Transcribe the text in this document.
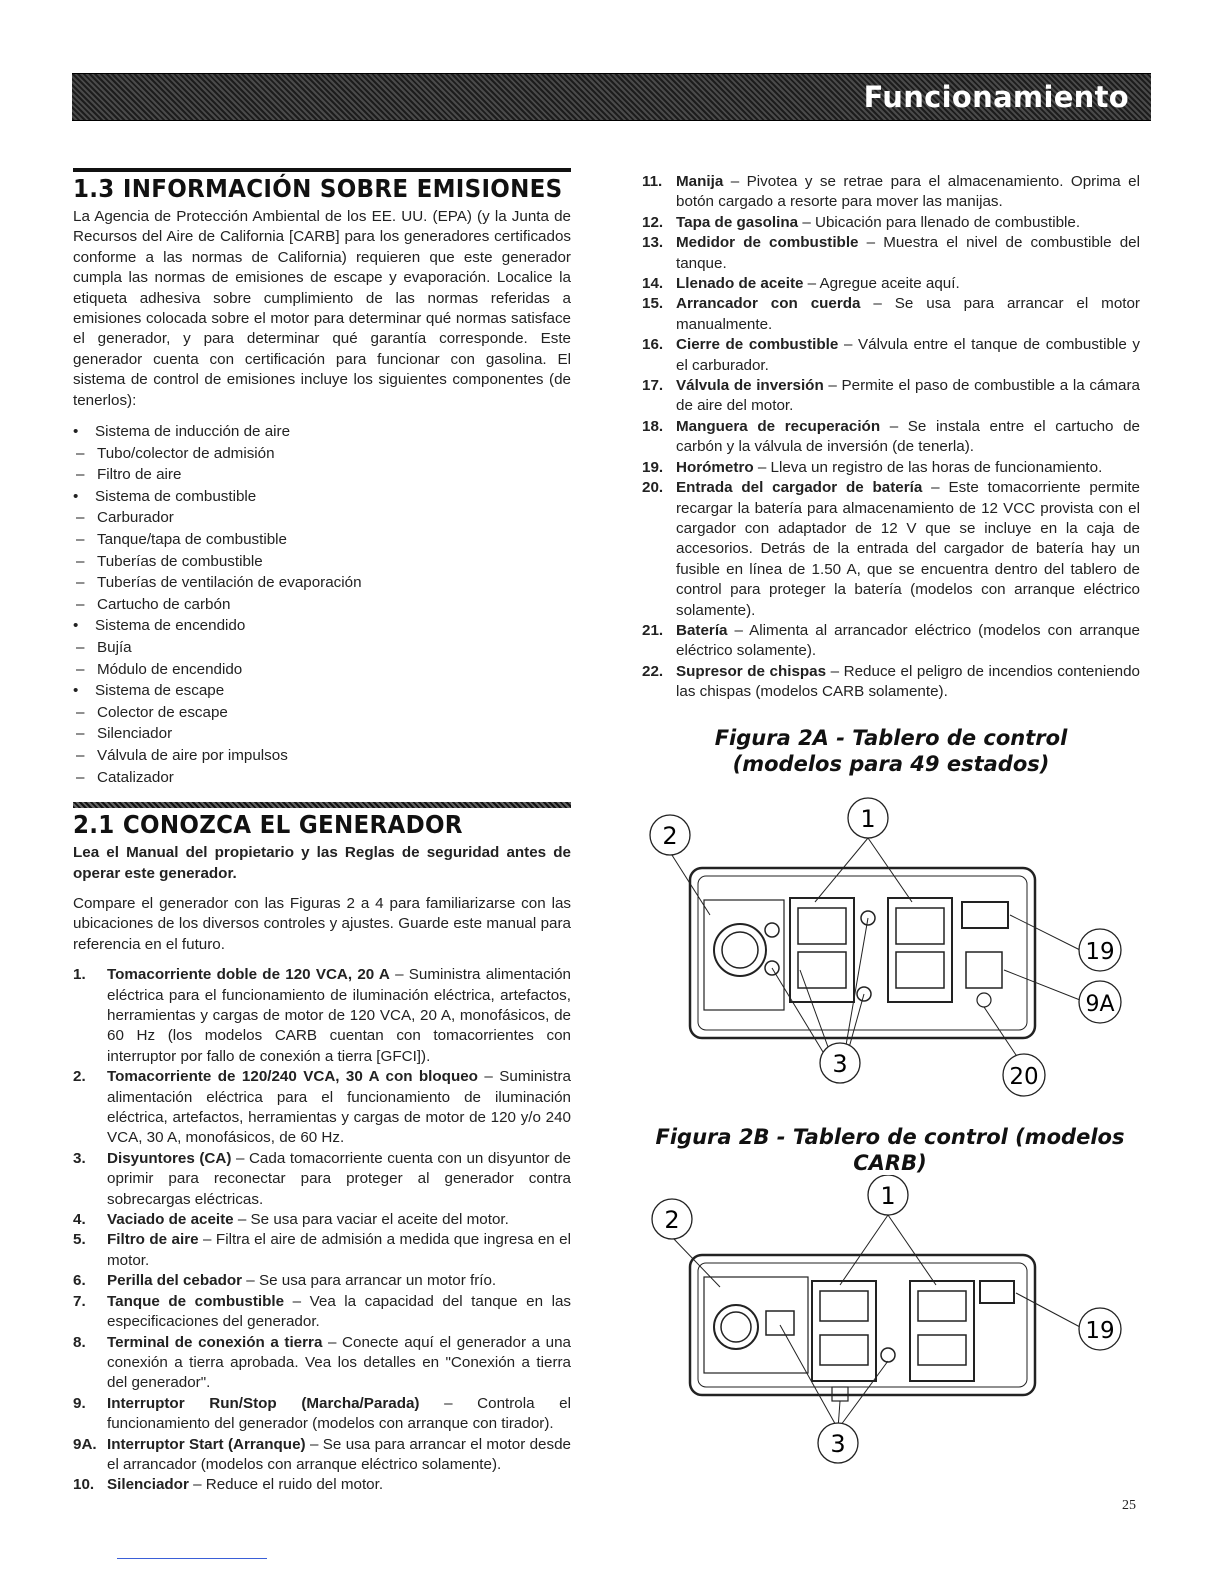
Funcionamiento
1.3 INFORMACIÓN SOBRE EMISIONES

La Agencia de Protección Ambiental de los EE. UU. (EPA) (y la Junta de Recursos del Aire de California [CARB] para los generadores certificados conforme a las normas de California) requieren que este generador cumpla las normas de emisiones de escape y evaporación. Localice la etiqueta adhesiva sobre cumplimiento de las normas referidas a emisiones colocada sobre el motor para determinar qué normas satisface el generador, y para determinar qué garantía corresponde. Este generador cuenta con certificación para funcionar con gasolina. El sistema de control de emisiones incluye los siguientes componentes (de tenerlos):

• Sistema de inducción de aire
– Tubo/colector de admisión
– Filtro de aire
• Sistema de combustible
– Carburador
– Tanque/tapa de combustible
– Tuberías de combustible
– Tuberías de ventilación de evaporación
– Cartucho de carbón
• Sistema de encendido
– Bujía
– Módulo de encendido
• Sistema de escape
– Colector de escape
– Silenciador
– Válvula de aire por impulsos
– Catalizador
2.1 CONOZCA EL GENERADOR
Lea el Manual del propietario y las Reglas de seguridad antes de operar este generador.

Compare el generador con las Figuras 2 a 4 para familiarizarse con las ubicaciones de los diversos controles y ajustes. Guarde este manual para referencia en el futuro.

1. Tomacorriente doble de 120 VCA, 20 A – Suministra alimentación eléctrica para el funcionamiento de iluminación eléctrica, artefactos, herramientas y cargas de motor de 120 VCA, 20 A, monofásicos, de 60 Hz (los modelos CARB cuentan con tomacorrientes con interruptor por fallo de conexión a tierra [GFCI]).
2. Tomacorriente de 120/240 VCA, 30 A con bloqueo – Suministra alimentación eléctrica para el funcionamiento de iluminación eléctrica, artefactos, herramientas y cargas de motor de 120 y/o 240 VCA, 30 A, monofásicos, de 60 Hz.
3. Disyuntores (CA) – Cada tomacorriente cuenta con un disyuntor de oprimir para reconectar para proteger al generador contra sobrecargas eléctricas.
4. Vaciado de aceite – Se usa para vaciar el aceite del motor.
5. Filtro de aire – Filtra el aire de admisión a medida que ingresa en el motor.
6. Perilla del cebador – Se usa para arrancar un motor frío.
7. Tanque de combustible – Vea la capacidad del tanque en las especificaciones del generador.
8. Terminal de conexión a tierra – Conecte aquí el generador a una conexión a tierra aprobada. Vea los detalles en "Conexión a tierra del generador".
9. Interruptor Run/Stop (Marcha/Parada) – Controla el funcionamiento del generador (modelos con arranque con tirador).
9A. Interruptor Start (Arranque) – Se usa para arrancar el motor desde el arrancador (modelos con arranque eléctrico solamente).
10. Silenciador – Reduce el ruido del motor.
11. Manija – Pivotea y se retrae para el almacenamiento. Oprima el botón cargado a resorte para mover las manijas.
12. Tapa de gasolina – Ubicación para llenado de combustible.
13. Medidor de combustible – Muestra el nivel de combustible del tanque.
14. Llenado de aceite – Agregue aceite aquí.
15. Arrancador con cuerda – Se usa para arrancar el motor manualmente.
16. Cierre de combustible – Válvula entre el tanque de combustible y el carburador.
17. Válvula de inversión – Permite el paso de combustible a la cámara de aire del motor.
18. Manguera de recuperación – Se instala entre el cartucho de carbón y la válvula de inversión (de tenerla).
19. Horómetro – Lleva un registro de las horas de funcionamiento.
20. Entrada del cargador de batería – Este tomacorriente permite recargar la batería para almacenamiento de 12 VCC provista con el cargador con adaptador de 12 V que se incluye en la caja de accesorios. Detrás de la entrada del cargador de batería hay un fusible en línea de 1.50 A, que se encuentra dentro del tablero de control para proteger la batería (modelos con arranque eléctrico solamente).
21. Batería – Alimenta al arrancador eléctrico (modelos con arranque eléctrico solamente).
22. Supresor de chispas – Reduce el peligro de incendios conteniendo las chispas (modelos CARB solamente).
Figura 2A - Tablero de control
(modelos para 49 estados)
1
2
3
19
9A
20
Figura 2B - Tablero de control (modelos CARB)
1
2
3
19
25
